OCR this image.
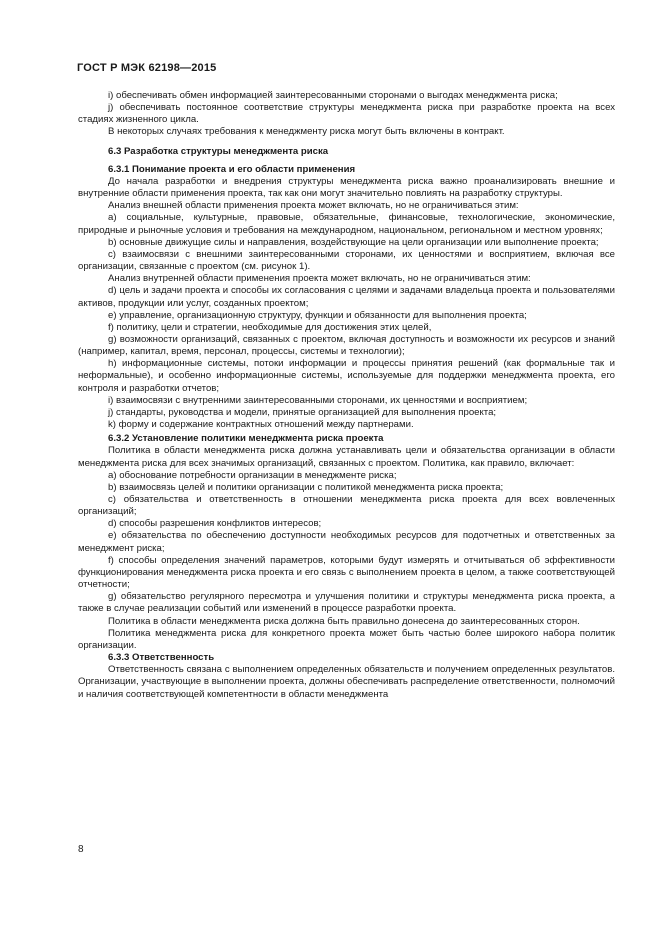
ГОСТ Р МЭК 62198—2015

i) обеспечивать обмен информацией заинтересованными сторонами о выгодах менеджмента риска;

j) обеспечивать постоянное соответствие структуры менеджмента риска при разработке проекта на всех стадиях жизненного цикла.

В некоторых случаях требования к менеджменту риска могут быть включены в контракт.

6.3 Разработка структуры менеджмента риска

6.3.1 Понимание проекта и его области применения

До начала разработки и внедрения структуры менеджмента риска важно проанализировать внешние и внутренние области применения проекта, так как они могут значительно повлиять на разработку структуры.

Анализ внешней области применения проекта может включать, но не ограничиваться этим:

a) социальные, культурные, правовые, обязательные, финансовые, технологические, экономические, природные и рыночные условия и требования на международном, национальном, региональном и местном уровнях;

b) основные движущие силы и направления, воздействующие на цели организации или выполнение проекта;

c) взаимосвязи с внешними заинтересованными сторонами, их ценностями и восприятием, включая все организации, связанные с проектом (см. рисунок 1).

Анализ внутренней области применения проекта может включать, но не ограничиваться этим:

d) цель и задачи проекта и способы их согласования с целями и задачами владельца проекта и пользователями активов, продукции или услуг, созданных проектом;

e) управление, организационную структуру, функции и обязанности для выполнения проекта;

f) политику, цели и стратегии, необходимые для достижения этих целей,

g) возможности организаций, связанных с проектом, включая доступность и возможности их ресурсов и знаний (например, капитал, время, персонал, процессы, системы и технологии);

h) информационные системы, потоки информации и процессы принятия решений (как формальные так и неформальные), и особенно информационные системы, используемые для поддержки менеджмента проекта, его контроля и разработки отчетов;

i) взаимосвязи с внутренними заинтересованными сторонами, их ценностями и восприятием;

j) стандарты, руководства и модели, принятые организацией для выполнения проекта;

k) форму и содержание контрактных отношений между партнерами.

6.3.2 Установление политики менеджмента риска проекта

Политика в области менеджмента риска должна устанавливать цели и обязательства организации в области менеджмента риска для всех значимых организаций, связанных с проектом. Политика, как правило, включает:

a) обоснование потребности организации в менеджменте риска;

b) взаимосвязь целей и политики организации с политикой менеджмента риска проекта;

c) обязательства и ответственность в отношении менеджмента риска проекта для всех вовлеченных организаций;

d) способы разрешения конфликтов интересов;

e) обязательства по обеспечению доступности необходимых ресурсов для подотчетных и ответственных за менеджмент риска;

f) способы определения значений параметров, которыми будут измерять и отчитываться об эффективности функционирования менеджмента риска проекта и его связь с выполнением проекта в целом, а также соответствующей отчетности;

g) обязательство регулярного пересмотра и улучшения политики и структуры менеджмента риска проекта, а также в случае реализации событий или изменений в процессе разработки проекта.

Политика в области менеджмента риска должна быть правильно донесена до заинтересованных сторон.

Политика менеджмента риска для конкретного проекта может быть частью более широкого набора политик организации.

6.3.3 Ответственность

Ответственность связана с выполнением определенных обязательств и получением определенных результатов. Организации, участвующие в выполнении проекта, должны обеспечивать распределение ответственности, полномочий и наличия соответствующей компетентности в области менеджмента

8
